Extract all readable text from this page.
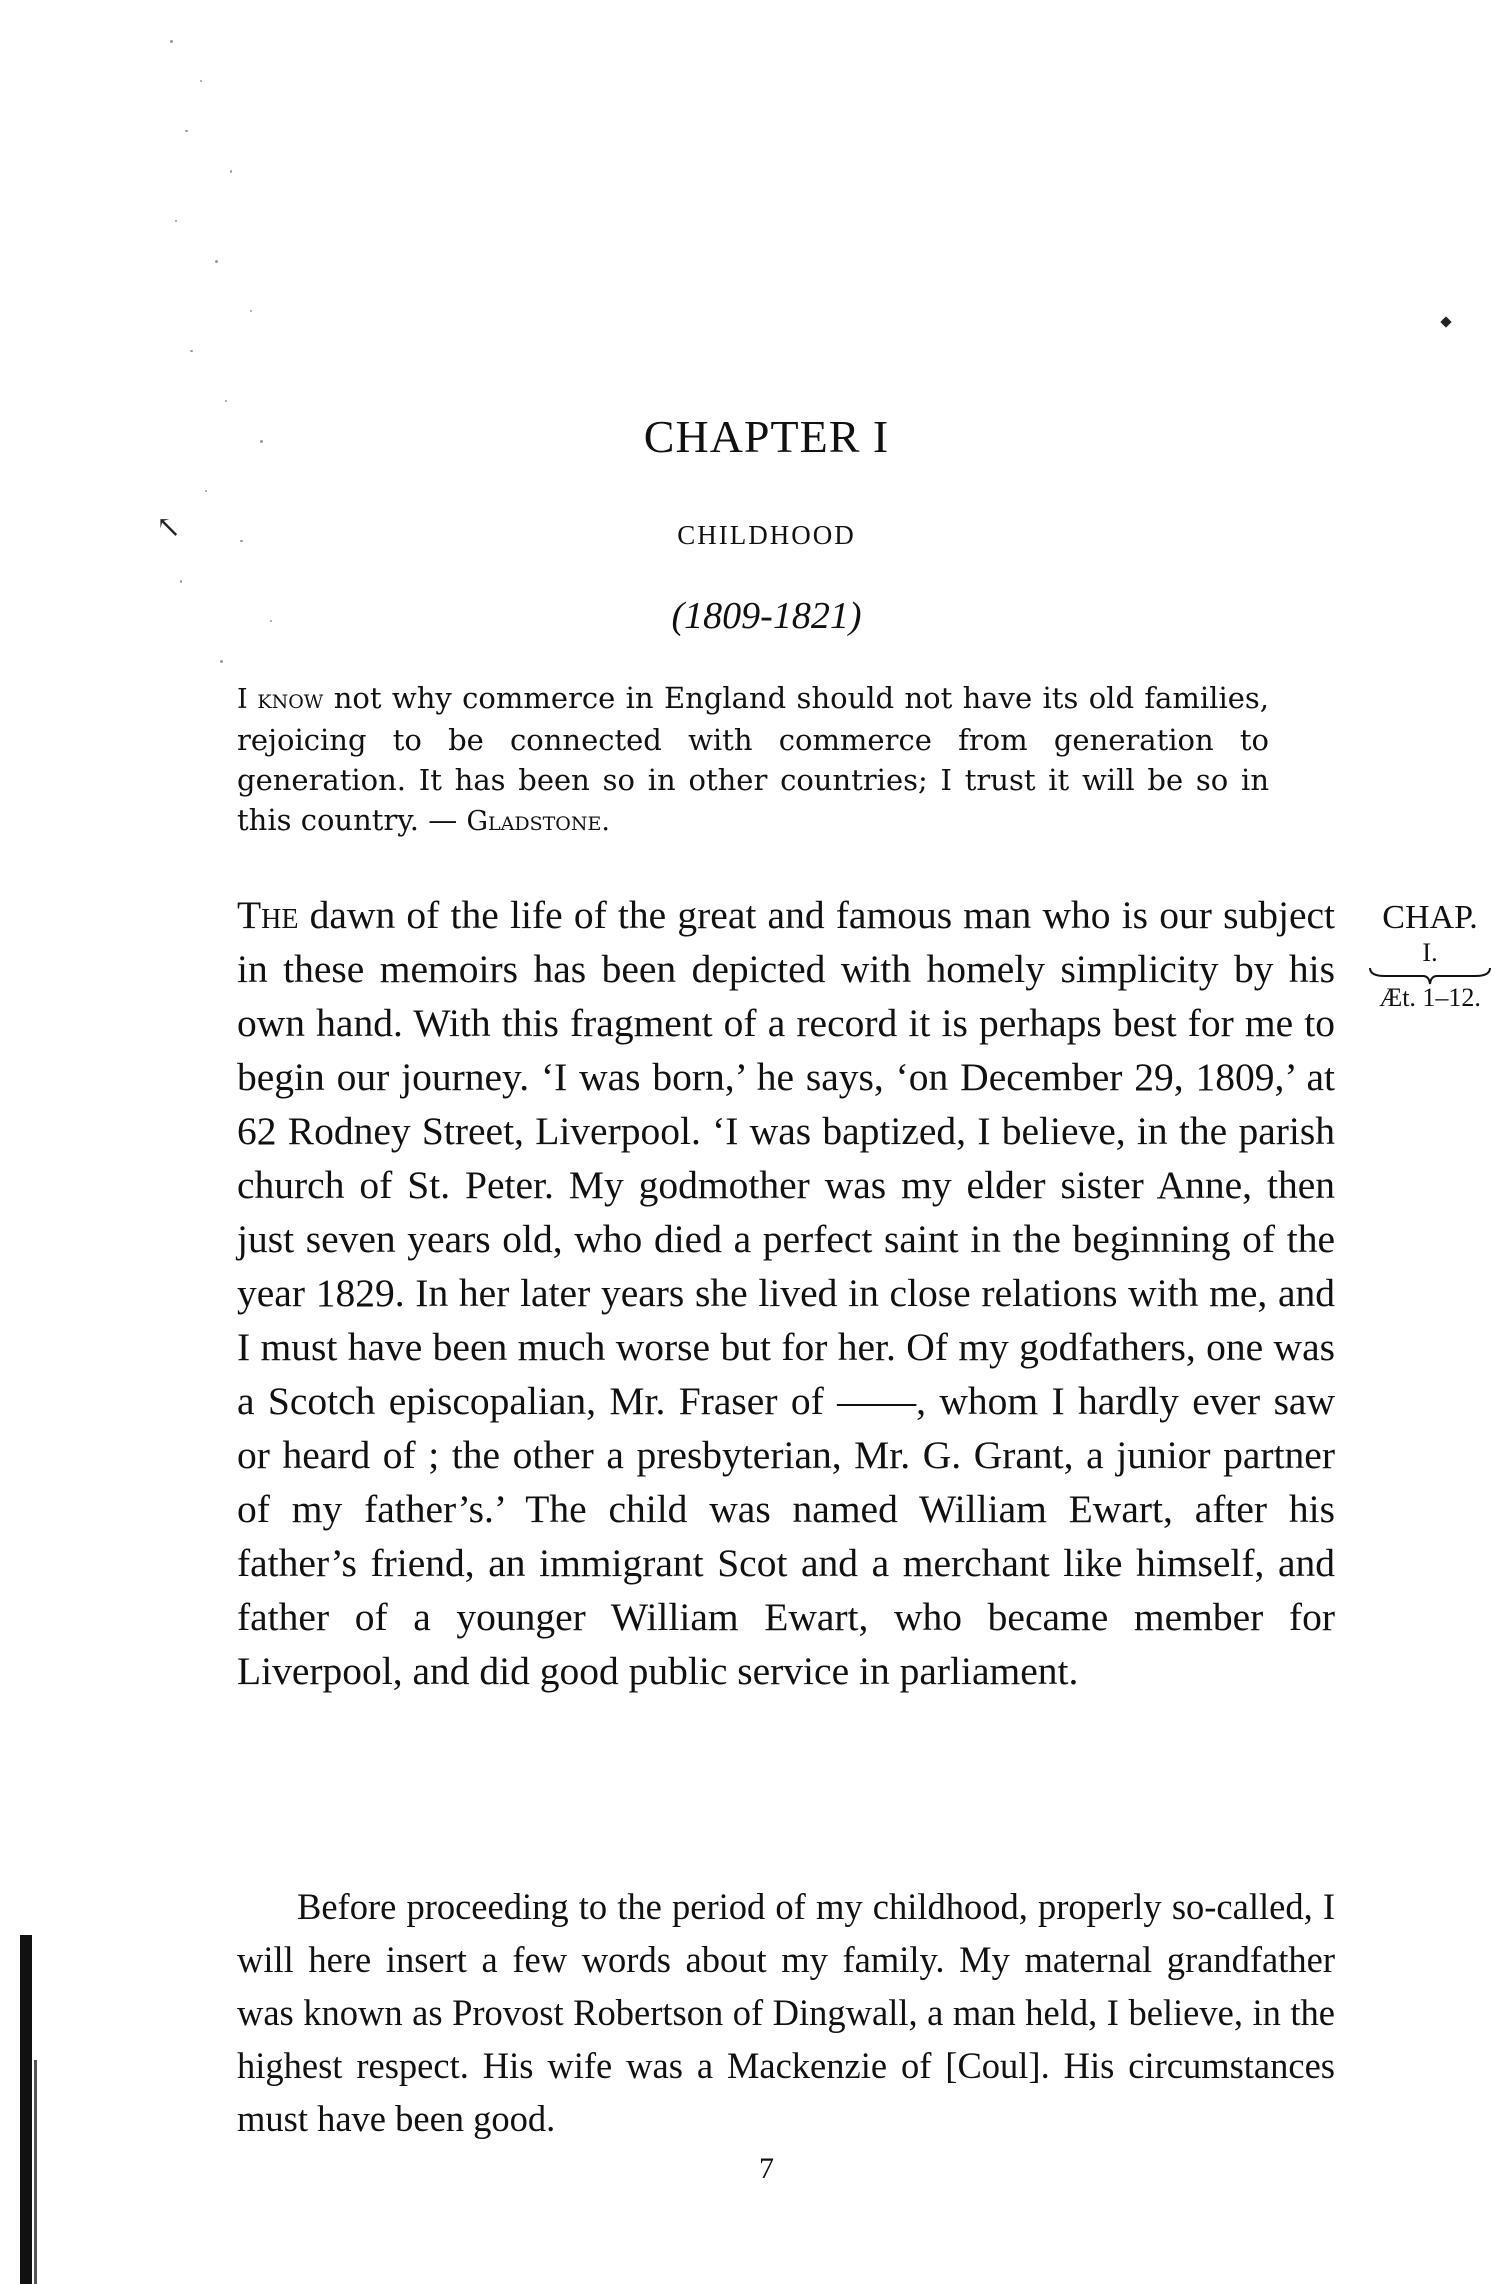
↖
CHAPTER I
CHILDHOOD
(1809-1821)
I know not why commerce in England should not have its old families, rejoicing to be connected with commerce from generation to generation. It has been so in other countries; I trust it will be so in this country. — Gladstone.
The dawn of the life of the great and famous man who is our subject in these memoirs has been depicted with homely simplicity by his own hand. With this fragment of a record it is perhaps best for me to begin our journey. ‘I was born,’ he says, ‘on December 29, 1809,’ at 62 Rodney Street, Liverpool. ‘I was baptized, I believe, in the parish church of St. Peter. My godmother was my elder sister Anne, then just seven years old, who died a perfect saint in the beginning of the year 1829. In her later years she lived in close relations with me, and I must have been much worse but for her. Of my godfathers, one was a Scotch episcopalian, Mr. Fraser of ——, whom I hardly ever saw or heard of ; the other a presbyterian, Mr. G. Grant, a junior partner of my father’s.’ The child was named William Ewart, after his father’s friend, an immigrant Scot and a merchant like himself, and father of a younger William Ewart, who became member for Liverpool, and did good public service in parliament.
CHAP.
I.
Æt. 1–12.
Before proceeding to the period of my childhood, properly so-called, I will here insert a few words about my family. My maternal grandfather was known as Provost Robertson of Dingwall, a man held, I believe, in the highest respect. His wife was a Mackenzie of [Coul]. His circumstances must have been good.
7
